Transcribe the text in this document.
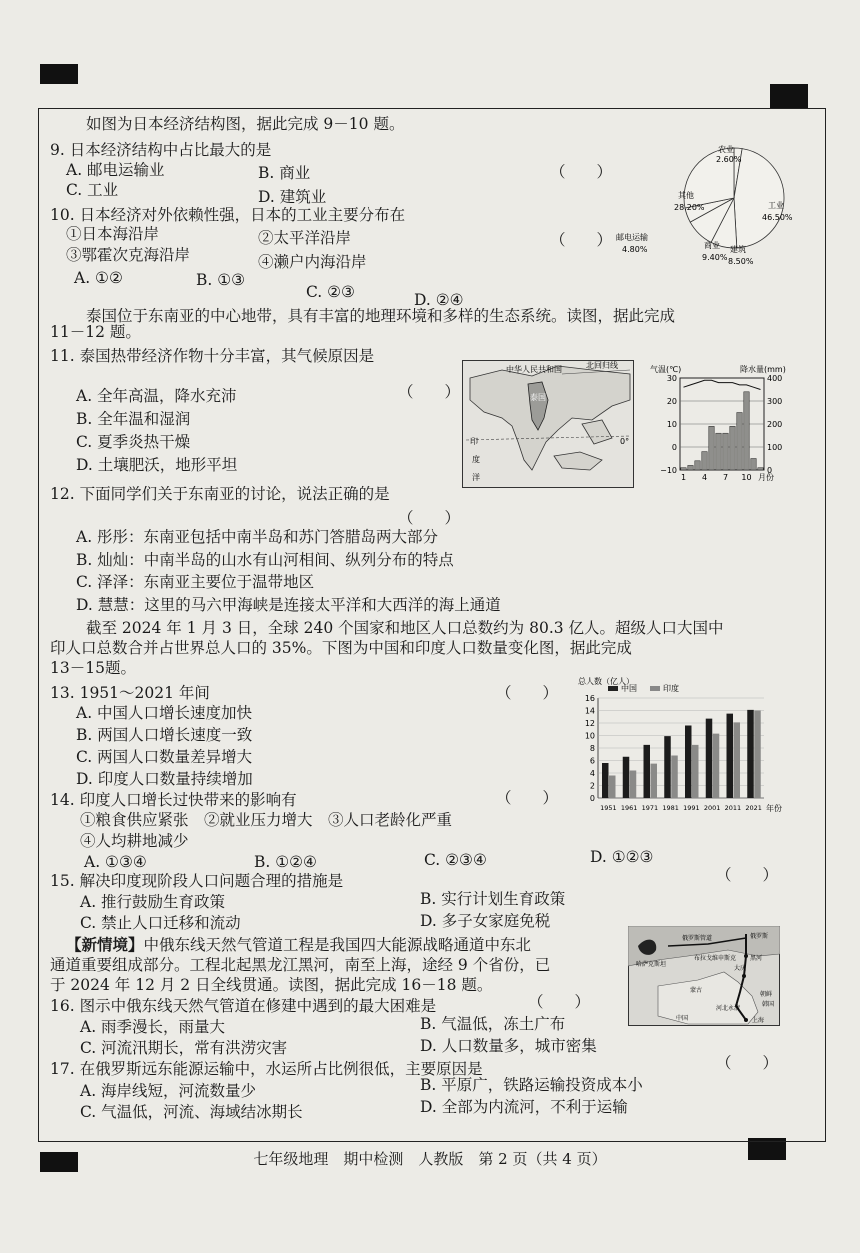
如图为日本经济结构图，据此完成 9－10 题。
9. 日本经济结构中占比最大的是
A. 邮电运输业	B. 商业	（　　）
C. 工业	D. 建筑业
10. 日本经济对外依赖性强，日本的工业主要分布在
（　　）
①日本海沿岸	②太平洋沿岸
③鄂霍次克海沿岸	④濑户内海沿岸
A. ①②	B. ①③
C. ②③	D. ②④
农业
2.60%
工业
46.50%
其他
28.20%
邮电运输
4.80%	商业
9.40%
建筑
8.50%
泰国位于东南亚的中心地带，具有丰富的地理环境和多样的生态系统。读图，据此完成
11－12 题。
11. 泰国热带经济作物十分丰富，其气候原因是
（　　）
A. 全年高温，降水充沛
B. 全年温和湿润
C. 夏季炎热干燥
D. 土壤肥沃，地形平坦
中华人民共和国	北回归线
泰国
印
度
洋
0°
气温(℃)	降水量(mm)
30
20
10
0
−10
400
300
200
100
0
1 4 7 10 月份
12. 下面同学们关于东南亚的讨论，说法正确的是
（　　）
A. 彤彤：东南亚包括中南半岛和苏门答腊岛两大部分
B. 灿灿：中南半岛的山水有山河相间、纵列分布的特点
C. 泽泽：东南亚主要位于温带地区
D. 慧慧：这里的马六甲海峡是连接太平洋和大西洋的海上通道
截至 2024 年 1 月 3 日，全球 240 个国家和地区人口总数约为 80.3 亿人。超级人口大国中
印人口总数合并占世界总人口的 35%。下图为中国和印度人口数量变化图，据此完成
13－15题。
13. 1951～2021 年间	（　　）
A. 中国人口增长速度加快
B. 两国人口增长速度一致
C. 两国人口数量差异增大
D. 印度人口数量持续增加
14. 印度人口增长过快带来的影响有	（　　）
①粮食供应紧张　②就业压力增大　③人口老龄化严重
④人均耕地减少
A. ①③④	B. ①②④	C. ②③④	D. ①②③
总人数（亿人）
中国	印度
16
14
12
10
8
6
4
2
0
1951 1961 1971 1981 1991 2001 2011 2021 年份
15. 解决印度现阶段人口问题合理的措施是	（　　）
A. 推行鼓励生育政策	B. 实行计划生育政策
C. 禁止人口迁移和流动	D. 多子女家庭免税
【新情境】中俄东线天然气管道工程是我国四大能源战略通道中东北
通道重要组成部分。工程北起黑龙江黑河，南至上海，途经 9 个省份，已
于 2024 年 12 月 2 日全线贯通。读图，据此完成 16－18 题。
哈萨克斯坦
俄罗斯
布拉戈维申斯克 黑河
大庆
蒙古
朝鲜
韩国
河北永清
上海
中国
俄罗斯管道
16. 图示中俄东线天然气管道在修建中遇到的最大困难是	（　　）
A. 雨季漫长，雨量大	B. 气温低，冻土广布
C. 河流汛期长，常有洪涝灾害	D. 人口数量多，城市密集
17. 在俄罗斯远东能源运输中，水运所占比例很低，主要原因是	（　　）
A. 海岸线短，河流数量少	B. 平原广，铁路运输投资成本小
C. 气温低，河流、海域结冰期长	D. 全部为内流河，不利于运输
七年级地理　期中检测　人教版　第 2 页（共 4 页）
